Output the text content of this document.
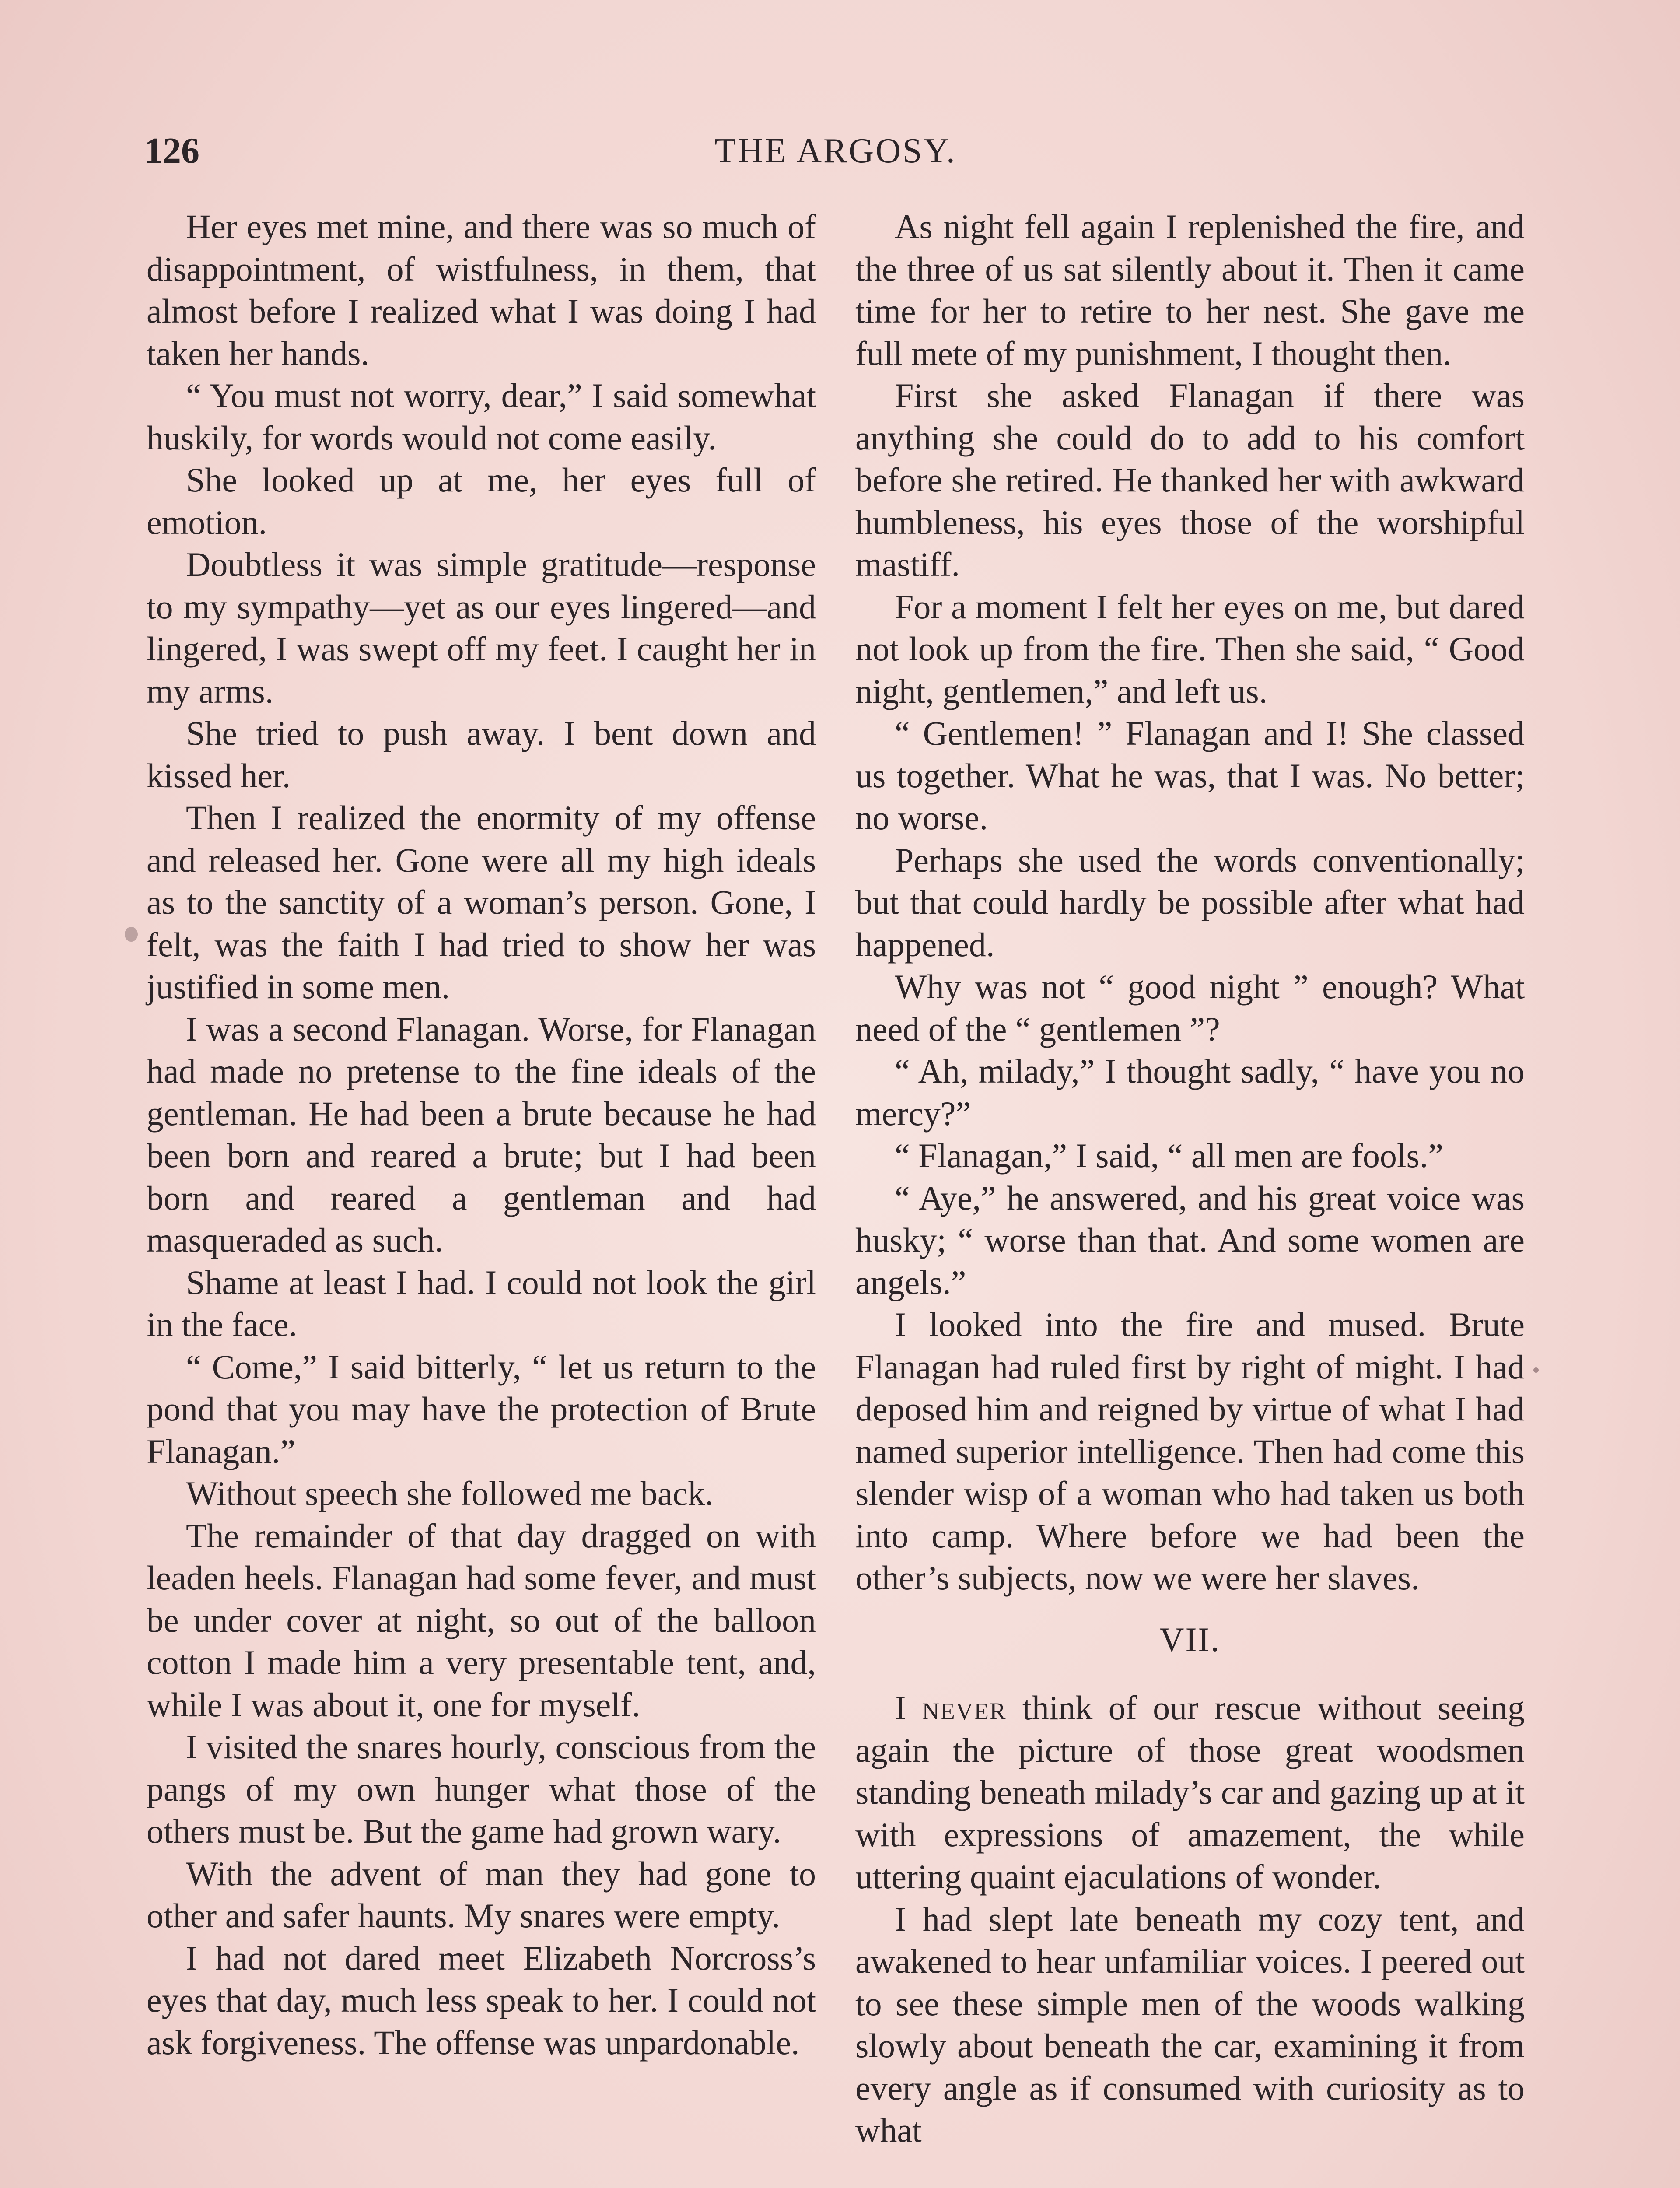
126	THE ARGOSY.

Her eyes met mine, and there was so much of disappointment, of wistfulness, in them, that almost before I realized what I was doing I had taken her hands.

“ You must not worry, dear,” I said somewhat huskily, for words would not come easily.

She looked up at me, her eyes full of emotion.

Doubtless it was simple gratitude—response to my sympathy—yet as our eyes lingered—and lingered, I was swept off my feet. I caught her in my arms.

She tried to push away. I bent down and kissed her.

Then I realized the enormity of my offense and released her. Gone were all my high ideals as to the sanctity of a woman’s person. Gone, I felt, was the faith I had tried to show her was justified in some men.

I was a second Flanagan. Worse, for Flanagan had made no pretense to the fine ideals of the gentleman. He had been a brute because he had been born and reared a brute; but I had been born and reared a gentleman and had masqueraded as such.

Shame at least I had. I could not look the girl in the face.

“ Come,” I said bitterly, “ let us return to the pond that you may have the protection of Brute Flanagan.”

Without speech she followed me back.

The remainder of that day dragged on with leaden heels. Flanagan had some fever, and must be under cover at night, so out of the balloon cotton I made him a very presentable tent, and, while I was about it, one for myself.

I visited the snares hourly, conscious from the pangs of my own hunger what those of the others must be. But the game had grown wary.

With the advent of man they had gone to other and safer haunts. My snares were empty.

I had not dared meet Elizabeth Norcross’s eyes that day, much less speak to her. I could not ask forgiveness. The offense was unpardonable.

As night fell again I replenished the fire, and the three of us sat silently about it. Then it came time for her to retire to her nest. She gave me full mete of my punishment, I thought then.

First she asked Flanagan if there was anything she could do to add to his comfort before she retired. He thanked her with awkward humbleness, his eyes those of the worshipful mastiff.

For a moment I felt her eyes on me, but dared not look up from the fire. Then she said, “ Good night, gentlemen,” and left us.

“ Gentlemen! ” Flanagan and I! She classed us together. What he was, that I was. No better; no worse.

Perhaps she used the words conventionally; but that could hardly be possible after what had happened.

Why was not “ good night ” enough? What need of the “ gentlemen ”?

“ Ah, milady,” I thought sadly, “ have you no mercy?”

“ Flanagan,” I said, “ all men are fools.”

“ Aye,” he answered, and his great voice was husky; “ worse than that. And some women are angels.”

I looked into the fire and mused. Brute Flanagan had ruled first by right of might. I had deposed him and reigned by virtue of what I had named superior intelligence. Then had come this slender wisp of a woman who had taken us both into camp. Where before we had been the other’s subjects, now we were her slaves.

VII.

I never think of our rescue without seeing again the picture of those great woodsmen standing beneath milady’s car and gazing up at it with expressions of amazement, the while uttering quaint ejaculations of wonder.

I had slept late beneath my cozy tent, and awakened to hear unfamiliar voices. I peered out to see these simple men of the woods walking slowly about beneath the car, examining it from every angle as if consumed with curiosity as to what
